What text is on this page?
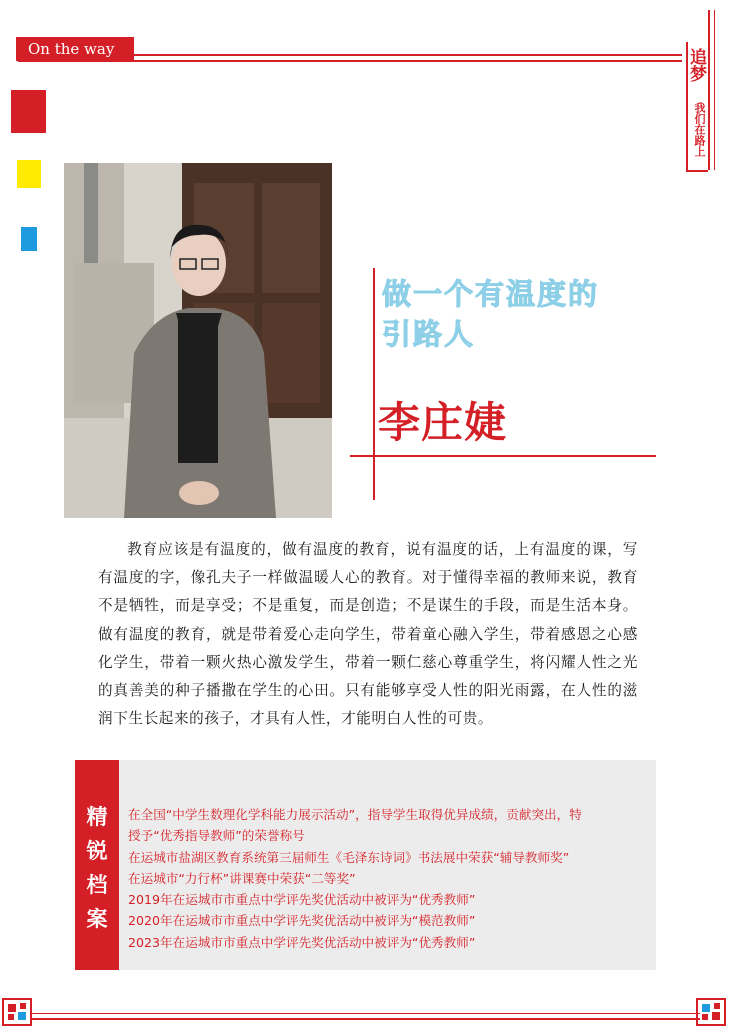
On the way	追梦
我们在路上
做一个有温度的
引路人
李庄婕
教育应该是有温度的，做有温度的教育，说有温度的话，上有温度的课，写有温度的字，像孔夫子一样做温暖人心的教育。对于懂得幸福的教师来说，教育不是牺牲，而是享受；不是重复，而是创造；不是谋生的手段，而是生活本身。做有温度的教育，就是带着爱心走向学生，带着童心融入学生，带着感恩之心感化学生，带着一颗火热心激发学生，带着一颗仁慈心尊重学生，将闪耀人性之光的真善美的种子播撒在学生的心田。只有能够享受人性的阳光雨露，在人性的滋润下生长起来的孩子，才具有人性，才能明白人性的可贵。
精
锐
档
案
在全国“中学生数理化学科能力展示活动”，指导学生取得优异成绩，贡献突出，特
授予“优秀指导教师”的荣誉称号
在运城市盐湖区教育系统第三届师生《毛泽东诗词》书法展中荣获“辅导教师奖”
在运城市“力行杯”讲课赛中荣获“二等奖”
2019年在运城市市重点中学评先奖优活动中被评为“优秀教师”
2020年在运城市市重点中学评先奖优活动中被评为“模范教师”
2023年在运城市市重点中学评先奖优活动中被评为“优秀教师”
